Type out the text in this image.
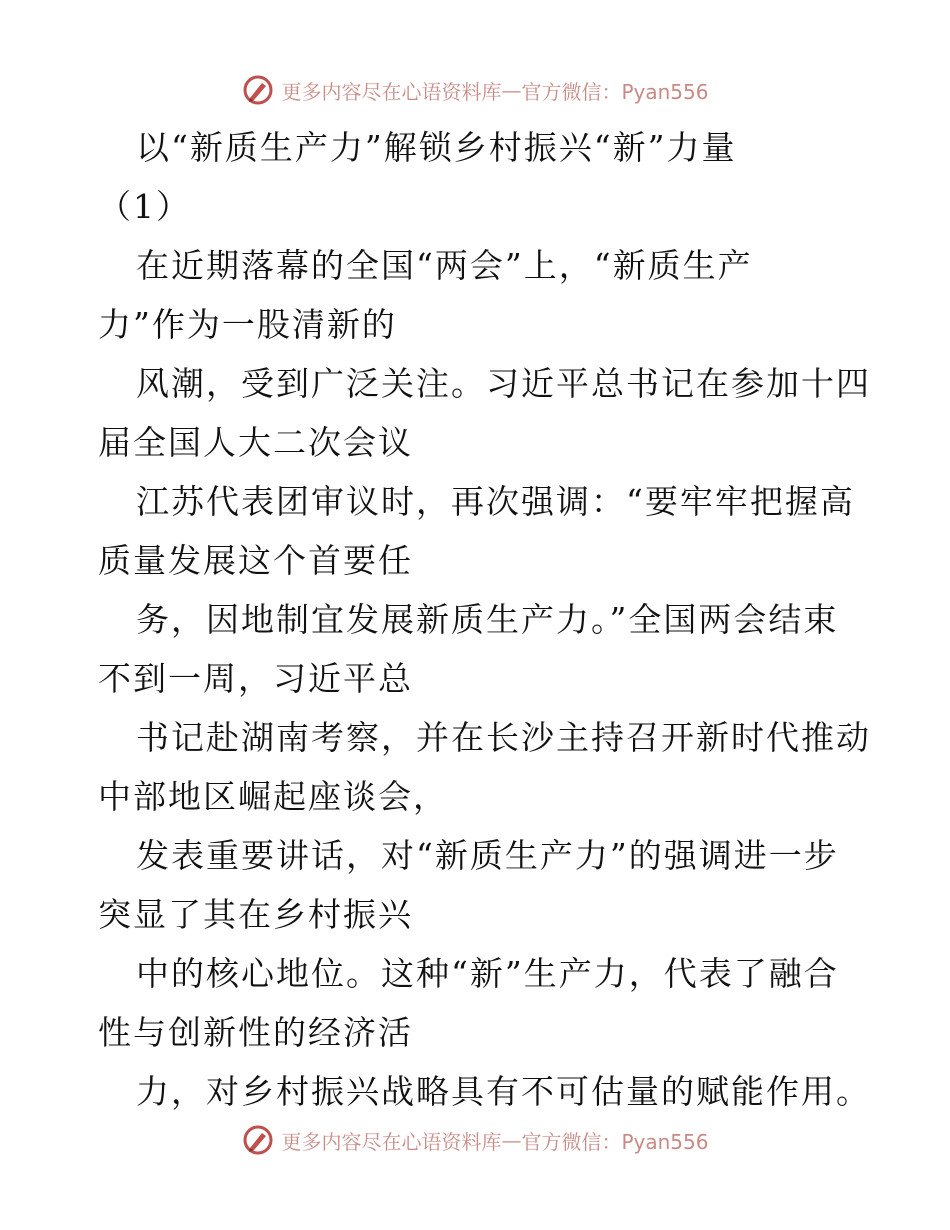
更多内容尽在心语资料库 — 官方微信：Pyan556
以“新质生产力”解锁乡村振兴“新”力量
（1）
在近期落幕的全国“两会”上，“新质生产
力”作为一股清新的
风潮，受到广泛关注。习近平总书记在参加十四
届全国人大二次会议
江苏代表团审议时，再次强调：“要牢牢把握高
质量发展这个首要任
务，因地制宜发展新质生产力。”全国两会结束
不到一周，习近平总
书记赴湖南考察，并在长沙主持召开新时代推动
中部地区崛起座谈会，
发表重要讲话，对“新质生产力”的强调进一步
突显了其在乡村振兴
中的核心地位。这种“新”生产力，代表了融合
性与创新性的经济活
力，对乡村振兴战略具有不可估量的赋能作用。
更多内容尽在心语资料库 — 官方微信：Pyan556
